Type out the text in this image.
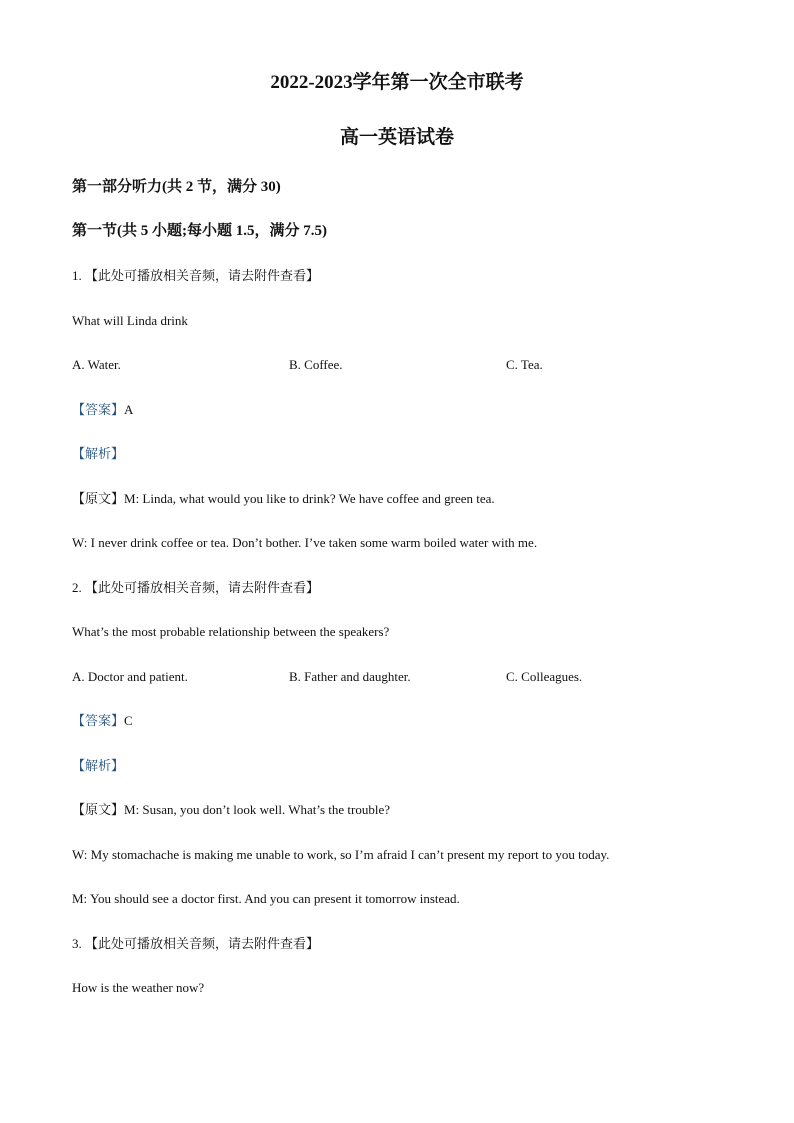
2022-2023学年第一次全市联考
高一英语试卷
第一部分听力(共 2 节，满分 30)
第一节(共 5 小题;每小题 1.5，满分 7.5)
1. 【此处可播放相关音频，请去附件查看】
What will Linda drink
A. Water.	B. Coffee.	C. Tea.
【答案】A
【解析】
【原文】M: Linda, what would you like to drink? We have coffee and green tea.
W: I never drink coffee or tea. Don’t bother. I’ve taken some warm boiled water with me.
2. 【此处可播放相关音频，请去附件查看】
What’s the most probable relationship between the speakers?
A. Doctor and patient.	B. Father and daughter.	C. Colleagues.
【答案】C
【解析】
【原文】M: Susan, you don’t look well. What’s the trouble?
W: My stomachache is making me unable to work, so I’m afraid I can’t present my report to you today.
M: You should see a doctor first. And you can present it tomorrow instead.
3. 【此处可播放相关音频，请去附件查看】
How is the weather now?
